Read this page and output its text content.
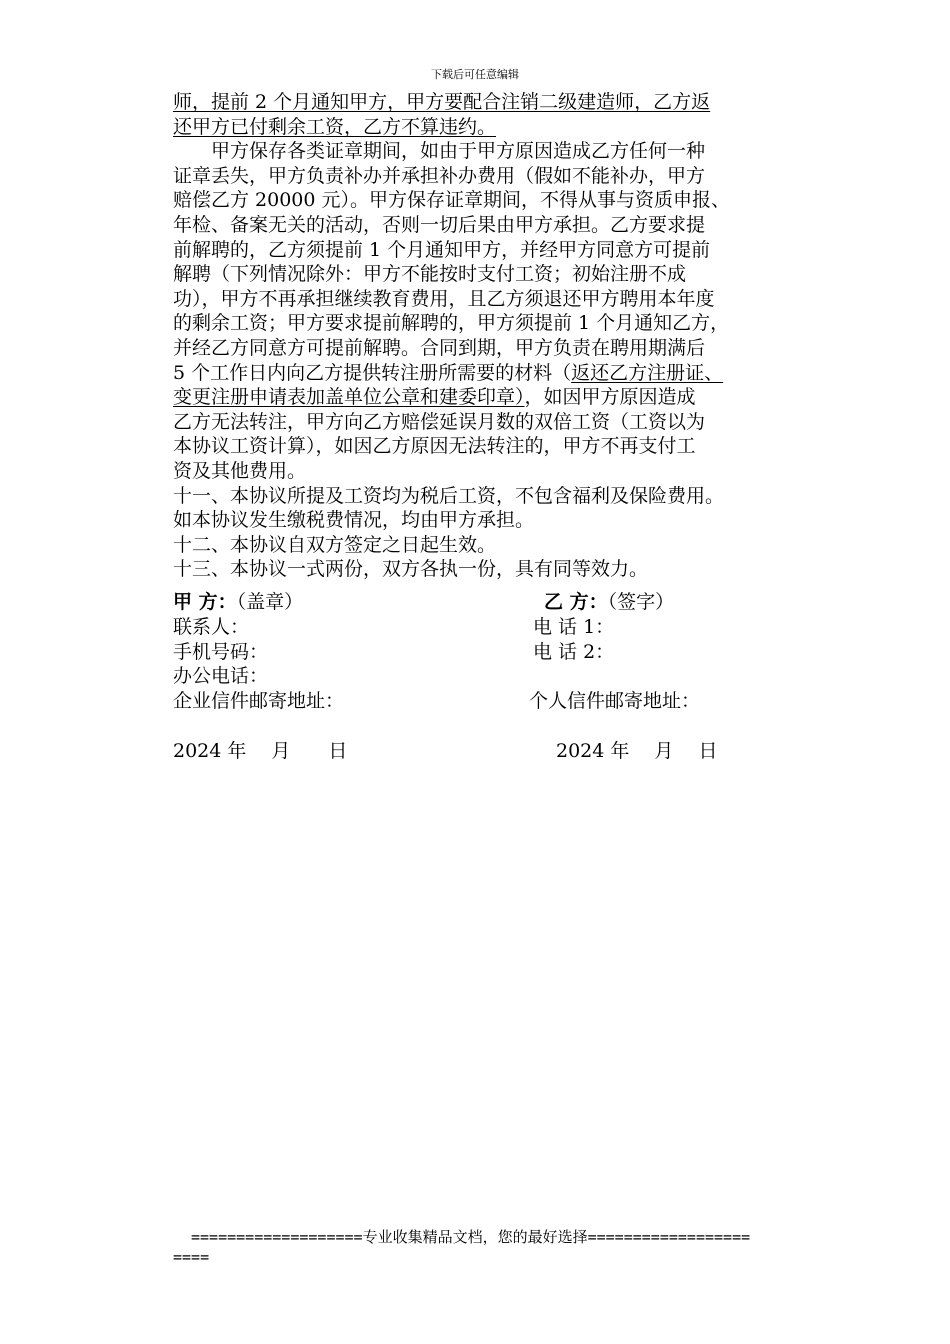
下载后可任意编辑
师，提前 2 个月通知甲方，甲方要配合注销二级建造师，乙方返
还甲方已付剩余工资，乙方不算违约。
甲方保存各类证章期间，如由于甲方原因造成乙方任何一种
证章丢失，甲方负责补办并承担补办费用（假如不能补办，甲方
赔偿乙方 20000 元）。甲方保存证章期间，不得从事与资质申报、
年检、备案无关的活动，否则一切后果由甲方承担。乙方要求提
前解聘的，乙方须提前 1 个月通知甲方，并经甲方同意方可提前
解聘（下列情况除外：甲方不能按时支付工资；初始注册不成
功），甲方不再承担继续教育费用，且乙方须退还甲方聘用本年度
的剩余工资；甲方要求提前解聘的，甲方须提前 1 个月通知乙方，
并经乙方同意方可提前解聘。合同到期，甲方负责在聘用期满后
5 个工作日内向乙方提供转注册所需要的材料（返还乙方注册证、
变更注册申请表加盖单位公章和建委印章），如因甲方原因造成
乙方无法转注，甲方向乙方赔偿延误月数的双倍工资（工资以为
本协议工资计算），如因乙方原因无法转注的，甲方不再支付工
资及其他费用。
十一、本协议所提及工资均为税后工资，不包含福利及保险费用。
如本协议发生缴税费情况，均由甲方承担。
十二、本协议自双方签定之日起生效。
十三、本协议一式两份，双方各执一份，具有同等效力。
甲 方：（盖章）
联系人：
手机号码：
办公电话：
企业信件邮寄地址：
2024 年　 月　　日
乙 方：（签字）
电 话 1：
电 话 2：
个人信件邮寄地址：
2024 年　 月　 日
===================专业收集精品文档，您的最好选择==================
====
